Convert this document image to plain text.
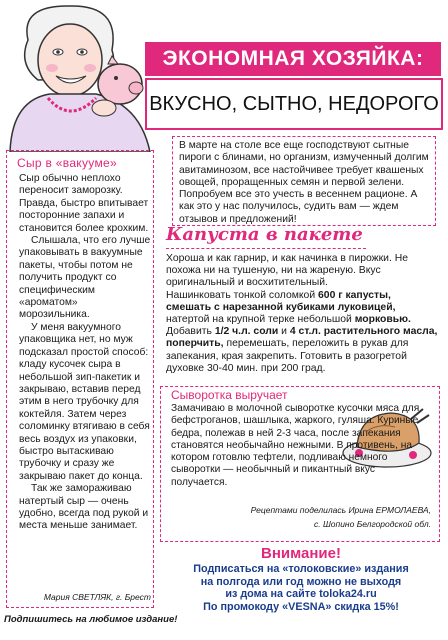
ЭКОНОМНАЯ ХОЗЯЙКА:
ВКУСНО, СЫТНО, НЕДОРОГО

В марте на столе все еще господствуют сытные пироги с блинами, но организм, измученный долгим авитаминозом, все настойчивее требует квашеных овощей, проращенных семян и первой зелени. Попробуем все это учесть в весеннем рационе. А как это у нас получилось, судить вам — ждем отзывов и предложений!

Сыр в «вакууме»

Сыр обычно неплохо переносит заморозку. Правда, быстро впитывает посторонние запахи и становится более крохким.

Слышала, что его лучше упаковывать в вакуумные пакеты, чтобы потом не получить продукт со специфическим «ароматом» морозильника.

У меня вакуумного упаковщика нет, но муж подсказал простой способ: кладу кусочек сыра в небольшой зип-пакетик и закрываю, вставив перед этим в него трубочку для коктейля. Затем через соломинку втягиваю в себя весь воздух из упаковки, быстро вытаскиваю трубочку и сразу же закрываю пакет до конца.

Так же замораживаю натертый сыр — очень удобно, всегда под рукой и места меньше занимает.

Мария СВЕТЛЯК, г. Брест
Подпишитесь на любимое издание!
Капуста в пакете

Хороша и как гарнир, и как начинка в пирожки. Не похожа ни на тушеную, ни на жареную. Вкус оригинальный и восхитительный.

Нашинковать тонкой соломкой 600 г капусты, смешать с нарезанной кубиками луковицей, натертой на крупной терке небольшой морковью. Добавить 1/2 ч.л. соли и 4 ст.л. растительного масла, поперчить, перемешать, переложить в рукав для запекания, края закрепить. Готовить в разогретой духовке 30-40 мин. при 200 град.

Сыворотка выручает
Замачиваю в молочной сыворотке кусочки мяса для бефстроганов, шашлыка, жаркого, гуляша. Куриные бедра, полежав в ней 2-3 часа, после запекания становятся необычайно нежными. В противень, на котором готовлю тефтели, подливаю немного сыворотки — необычный и пикантный вкус получается.
Рецептами поделилась Ирина ЕРМОЛАЕВА,
с. Шопино Белгородской обл.
Внимание!
Подписаться на «толоковские» издания
на полгода или год можно не выходя
из дома на сайте toloka24.ru
По промокоду «VESNA» скидка 15%!
